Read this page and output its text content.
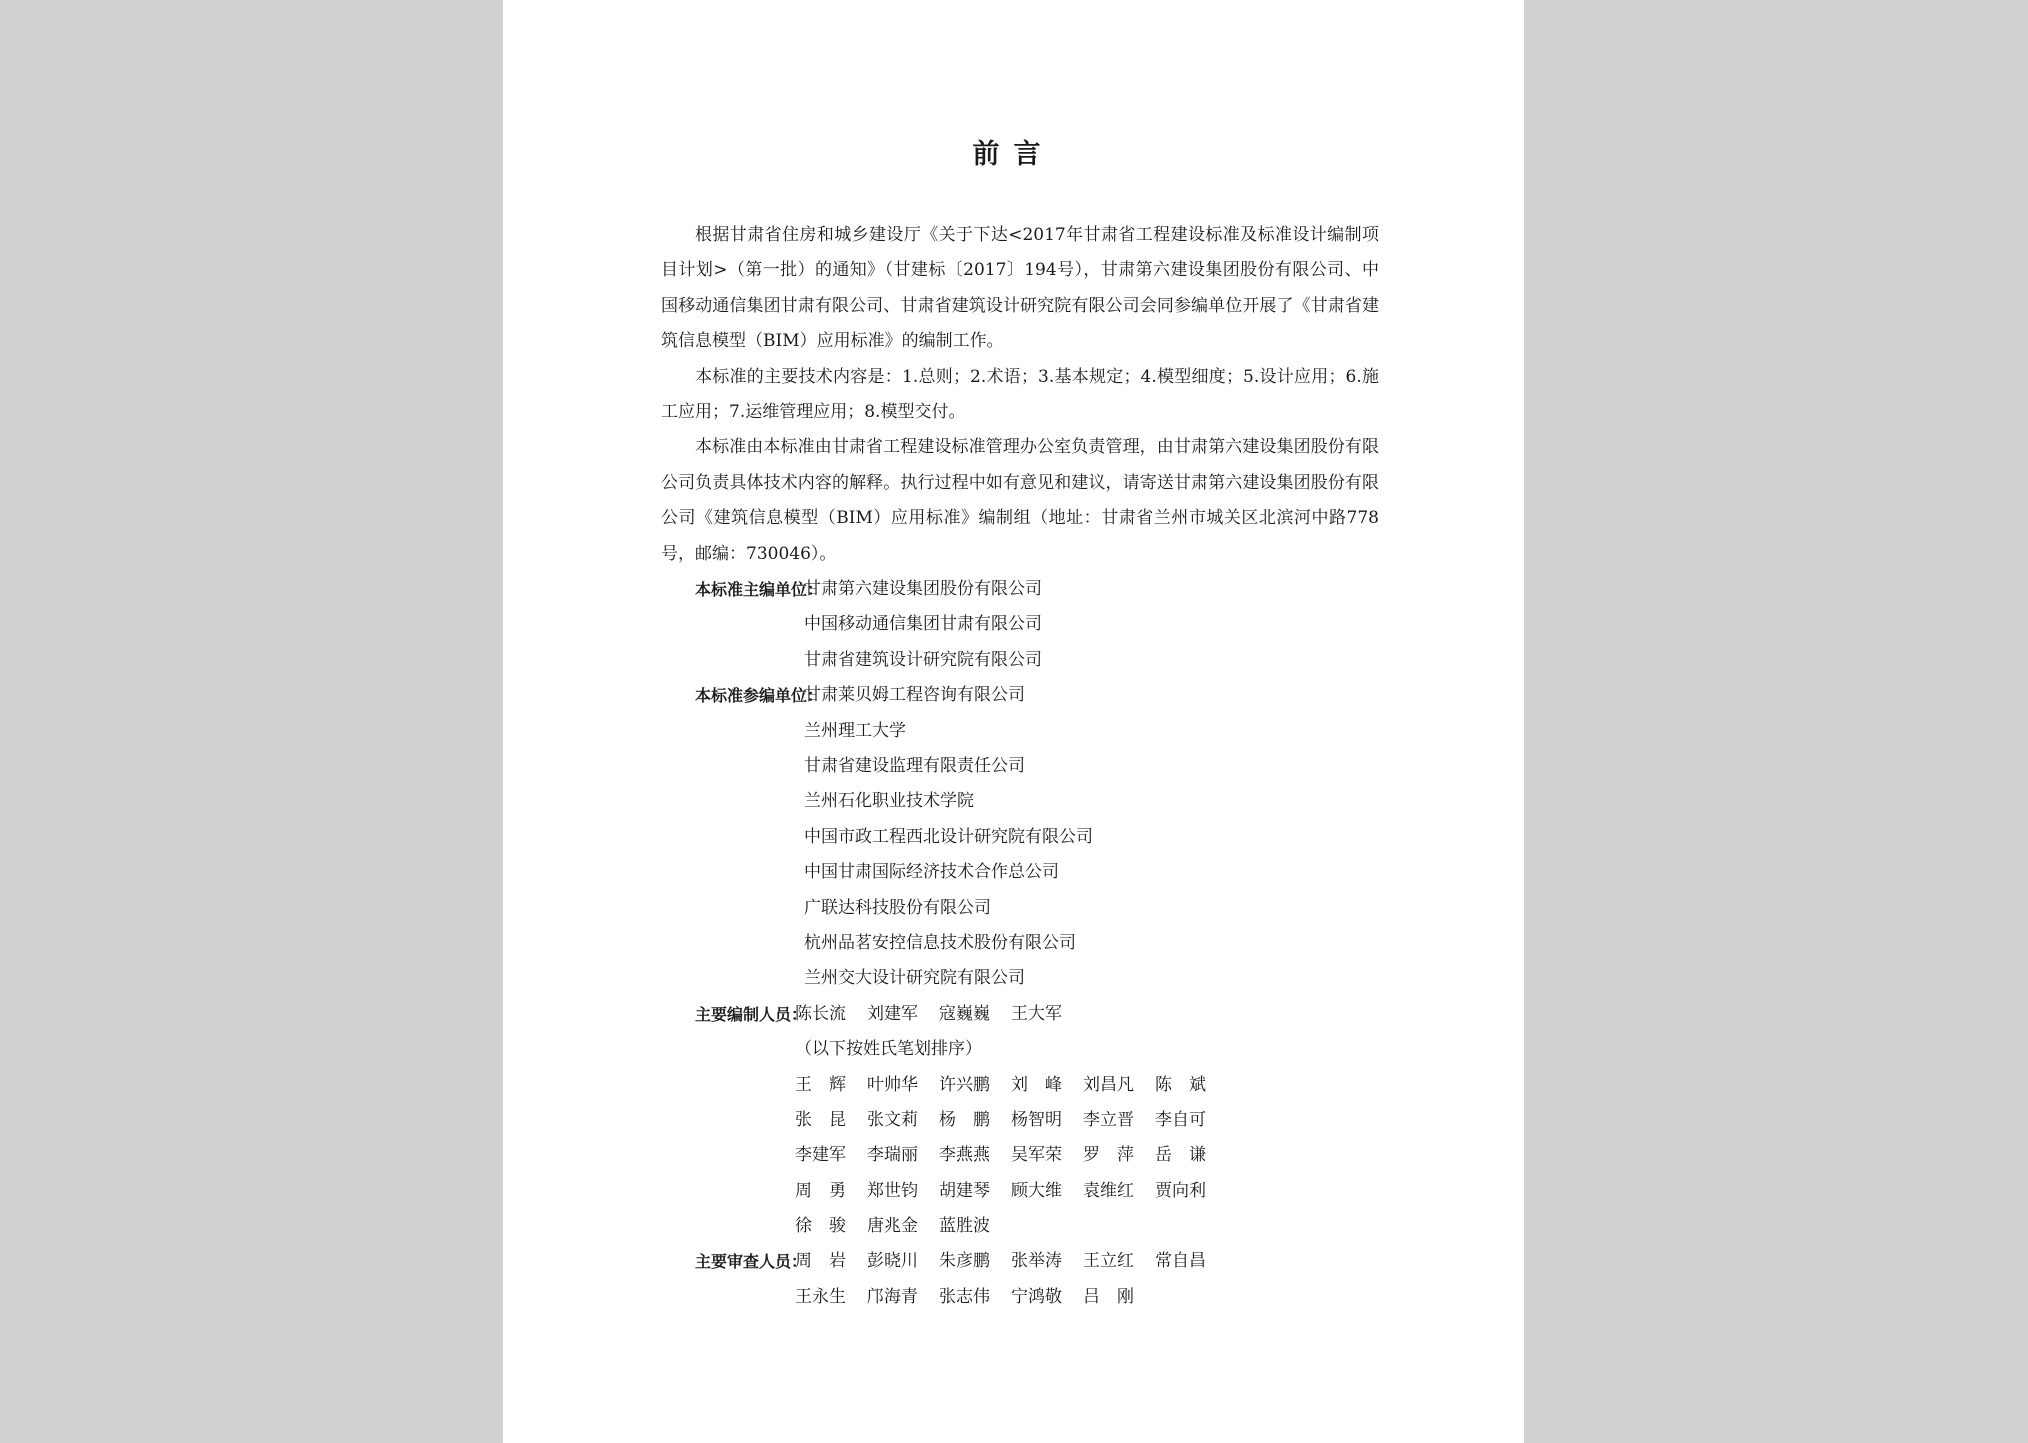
前言

根据甘肃省住房和城乡建设厅《关于下达<2017年甘肃省工程建设标准及标准设计编制项目计划>（第一批）的通知》（甘建标〔2017〕194号），甘肃第六建设集团股份有限公司、中国移动通信集团甘肃有限公司、甘肃省建筑设计研究院有限公司会同参编单位开展了《甘肃省建筑信息模型（BIM）应用标准》的编制工作。

本标准的主要技术内容是：1.总则；2.术语；3.基本规定；4.模型细度；5.设计应用；6.施工应用；7.运维管理应用；8.模型交付。

本标准由本标准由甘肃省工程建设标准管理办公室负责管理，由甘肃第六建设集团股份有限公司负责具体技术内容的解释。执行过程中如有意见和建议，请寄送甘肃第六建设集团股份有限公司《建筑信息模型（BIM）应用标准》编制组（地址：甘肃省兰州市城关区北滨河中路778号，邮编：730046）。

本标准主编单位：
甘肃第六建设集团股份有限公司
中国移动通信集团甘肃有限公司
甘肃省建筑设计研究院有限公司
本标准参编单位：
甘肃莱贝姆工程咨询有限公司
兰州理工大学
甘肃省建设监理有限责任公司
兰州石化职业技术学院
中国市政工程西北设计研究院有限公司
中国甘肃国际经济技术合作总公司
广联达科技股份有限公司
杭州品茗安控信息技术股份有限公司
兰州交大设计研究院有限公司
主要编制人员：
陈长流	刘建军	寇巍巍	王大军
（以下按姓氏笔划排序）
王　辉	叶帅华	许兴鹏	刘　峰	刘昌凡	陈　斌
张　昆	张文莉	杨　鹏	杨智明	李立晋	李自可
李建军	李瑞丽	李燕燕	吴军荣	罗　萍	岳　谦
周　勇	郑世钧	胡建琴	顾大维	袁维红	贾向利
徐　骏	唐兆金	蓝胜波
主要审查人员：
周　岩	彭晓川	朱彦鹏	张举涛	王立红	常自昌
王永生	邝海青	张志伟	宁鸿敬	吕　刚
